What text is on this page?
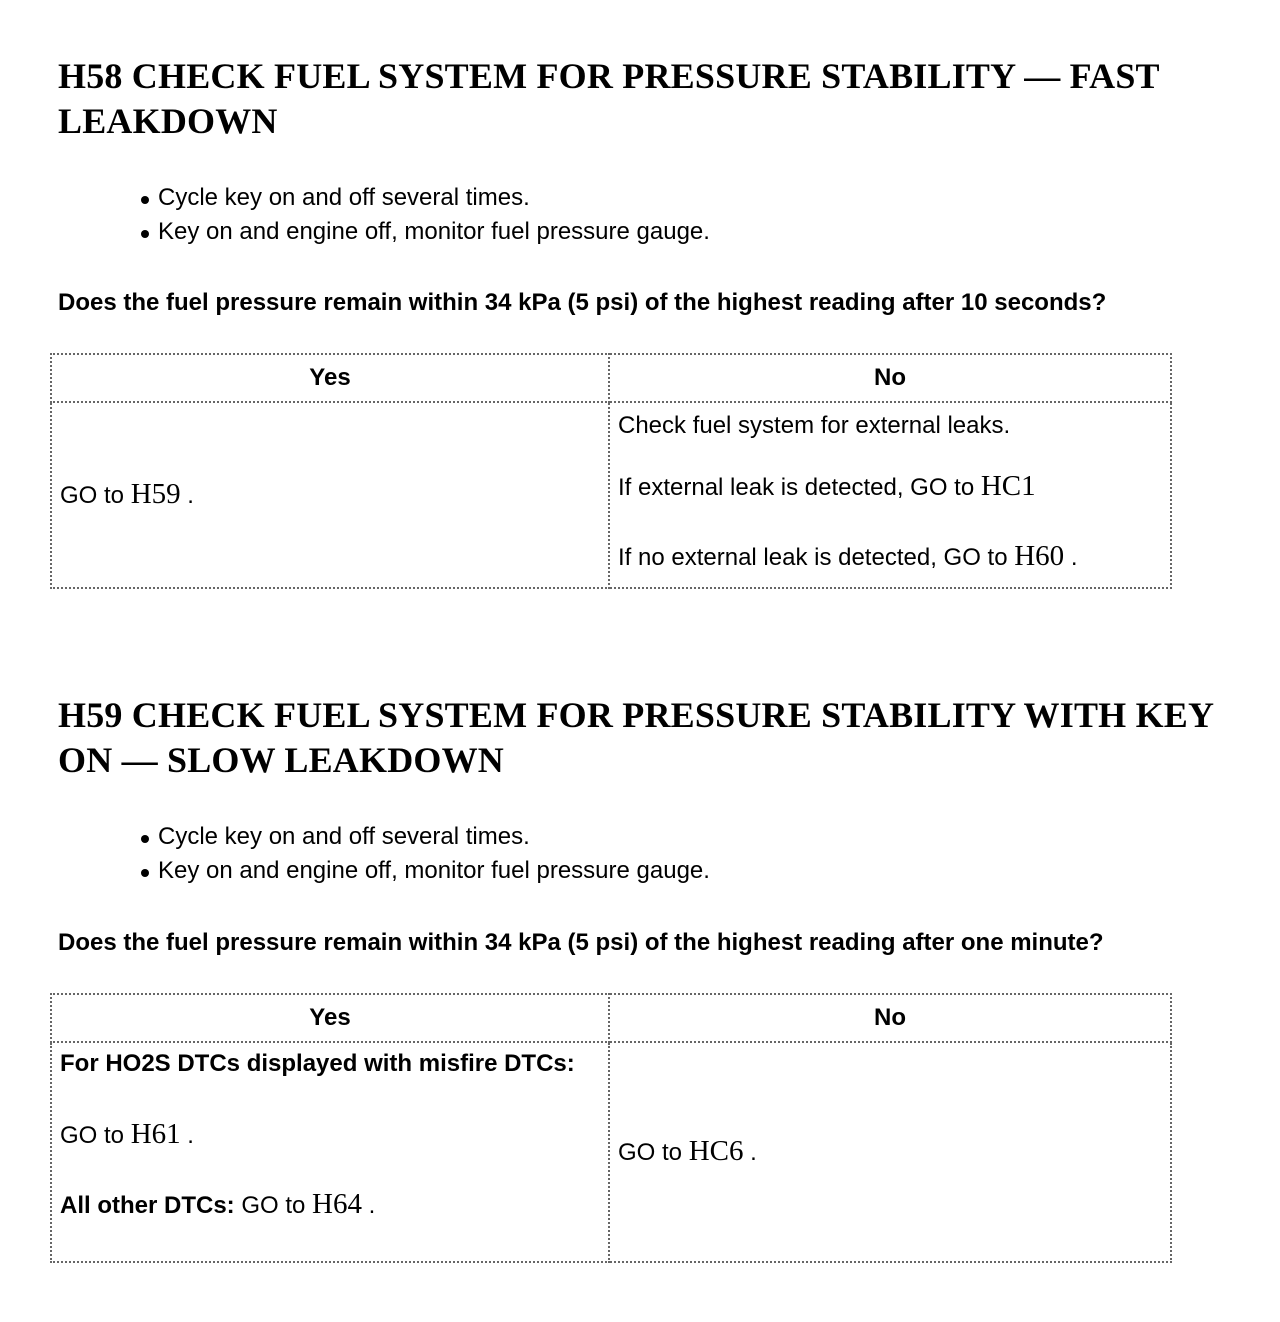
H58 CHECK FUEL SYSTEM FOR PRESSURE STABILITY — FAST LEAKDOWN
Cycle key on and off several times.
Key on and engine off, monitor fuel pressure gauge.

Does the fuel pressure remain within 34 kPa (5 psi) of the highest reading after 10 seconds?

Yes	No
GO to H59 .	Check fuel system for external leaks.

If external leak is detected, GO to HC1

If no external leak is detected, GO to H60 .

H59 CHECK FUEL SYSTEM FOR PRESSURE STABILITY WITH KEY ON — SLOW LEAKDOWN
Cycle key on and off several times.
Key on and engine off, monitor fuel pressure gauge.

Does the fuel pressure remain within 34 kPa (5 psi) of the highest reading after one minute?

Yes	No

For HO2S DTCs displayed with misfire DTCs:

GO to H61 .

All other DTCs: GO to H64 .	GO to HC6 .
